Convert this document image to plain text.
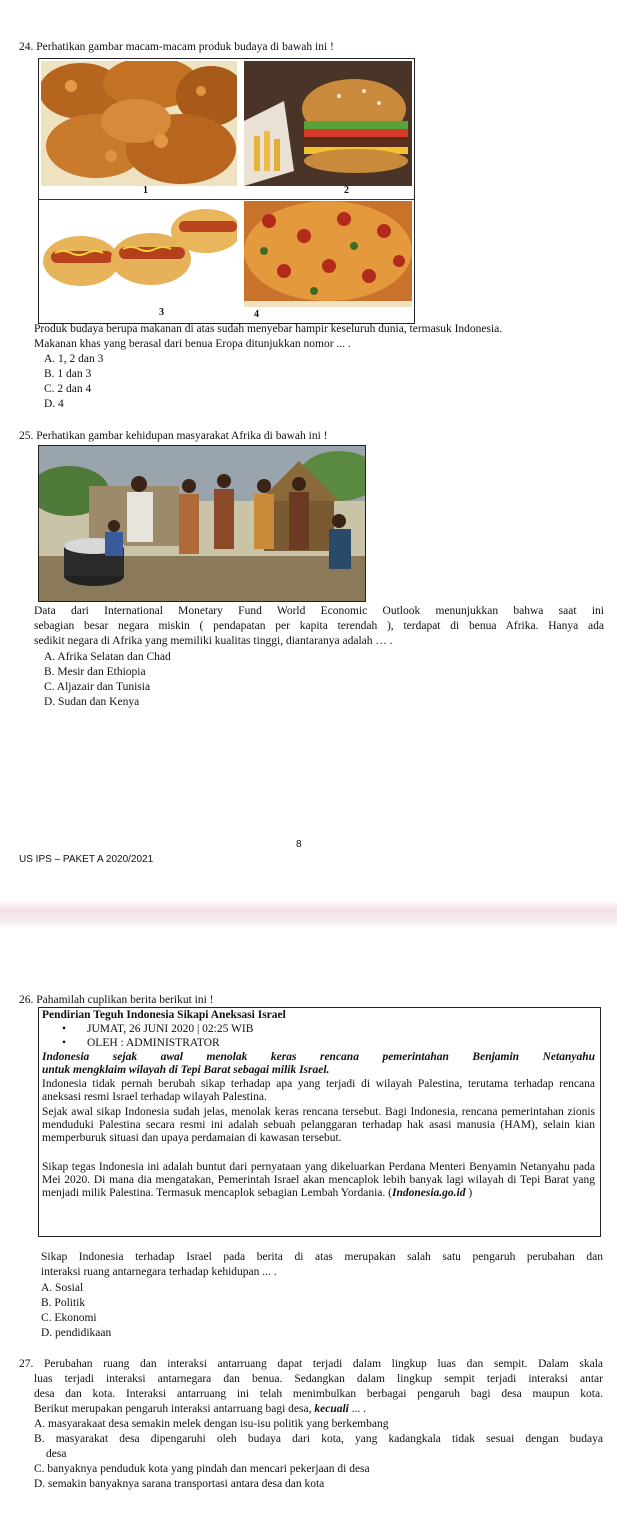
24. Perhatikan gambar macam-macam produk budaya di bawah ini !
1	2
3	4
Produk budaya berupa makanan di atas sudah menyebar hampir keseluruh dunia, termasuk Indonesia.
Makanan khas yang berasal dari benua Eropa ditunjukkan nomor ... .
A. 1, 2 dan 3
B. 1 dan 3
C. 2 dan 4
D. 4
25. Perhatikan gambar kehidupan masyarakat Afrika di bawah ini !
Data dari International Monetary Fund World Economic Outlook menunjukkan bahwa saat ini
sebagian besar negara miskin ( pendapatan per kapita terendah ), terdapat di benua Afrika. Hanya ada
sedikit negara di Afrika yang memiliki kualitas tinggi, diantaranya adalah … .
A. Afrika Selatan dan Chad
B. Mesir dan Ethiopia
C. Aljazair dan Tunisia
D. Sudan dan Kenya
8
US IPS – PAKET A 2020/2021
26. Pahamilah cuplikan berita berikut ini !
Pendirian Teguh Indonesia Sikapi Aneksasi Israel
• JUMAT, 26 JUNI 2020 | 02:25 WIB
• OLEH : ADMINISTRATOR
Indonesia sejak awal menolak keras rencana pemerintahan Benjamin Netanyahu
untuk mengklaim wilayah di Tepi Barat sebagai milik Israel.
Indonesia tidak pernah berubah sikap terhadap apa yang terjadi di wilayah Palestina, terutama terhadap rencana aneksasi resmi Israel terhadap wilayah Palestina.
Sejak awal sikap Indonesia sudah jelas, menolak keras rencana tersebut. Bagi Indonesia, rencana pemerintahan zionis menduduki Palestina secara resmi ini adalah sebuah pelanggaran terhadap hak asasi manusia (HAM), selain kian memperburuk situasi dan upaya perdamaian di kawasan tersebut.
Sikap tegas Indonesia ini adalah buntut dari pernyataan yang dikeluarkan Perdana Menteri Benyamin Netanyahu pada Mei 2020. Di mana dia mengatakan, Pemerintah Israel akan mencaplok lebih banyak lagi wilayah di Tepi Barat yang menjadi milik Palestina. Termasuk mencaplok sebagian Lembah Yordania. (Indonesia.go.id )
Sikap Indonesia terhadap Israel pada berita di atas merupakan salah satu pengaruh perubahan dan
interaksi ruang antarnegara terhadap kehidupan ... .
A. Sosial
B. Politik
C. Ekonomi
D. pendidikaan
27. Perubahan ruang dan interaksi antarruang dapat terjadi dalam lingkup luas dan sempit. Dalam skala
luas terjadi interaksi antarnegara dan benua. Sedangkan dalam lingkup sempit terjadi interaksi antar
desa dan kota. Interaksi antarruang ini telah menimbulkan berbagai pengaruh bagi desa maupun kota.
Berikut merupakan pengaruh interaksi antarruang bagi desa, kecuali ... .
A. masyarakaat desa semakin melek dengan isu-isu politik yang berkembang
B. masyarakat desa dipengaruhi oleh budaya dari kota, yang kadangkala tidak sesuai dengan budaya
desa
C. banyaknya penduduk kota yang pindah dan mencari pekerjaan di desa
D. semakin banyaknya sarana transportasi antara desa dan kota
